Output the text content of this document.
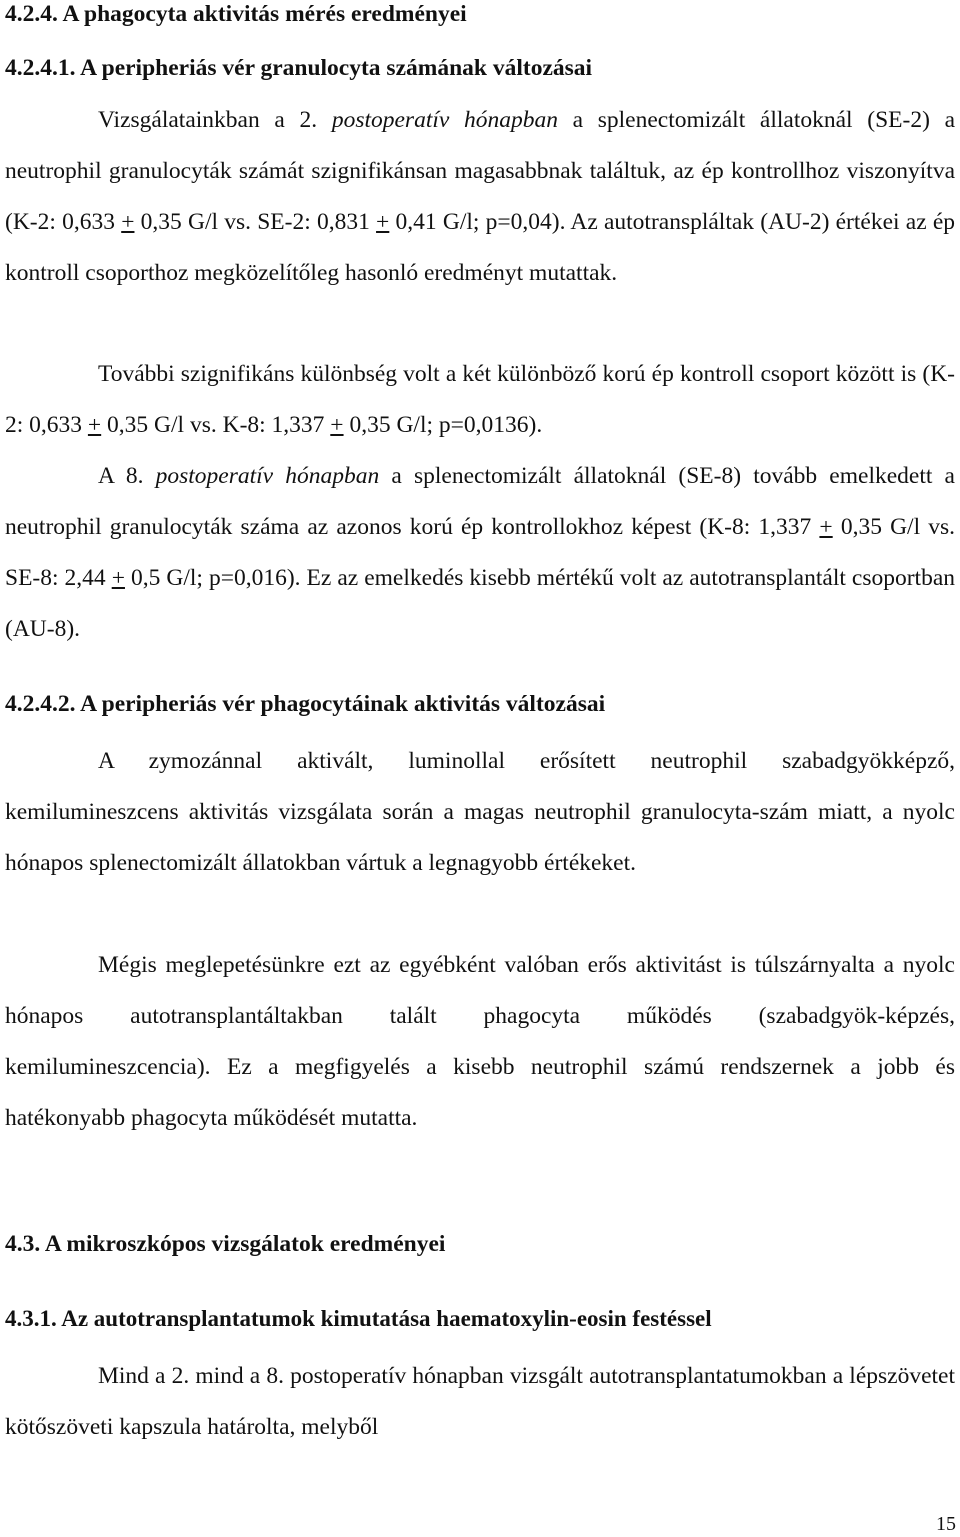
4.2.4. A phagocyta aktivitás mérés eredményei
4.2.4.1. A peripheriás vér granulocyta számának változásai

Vizsgálatainkban a 2. postoperatív hónapban a splenectomizált állatoknál (SE-2) a neutrophil granulocyták számát szignifikánsan magasabbnak találtuk, az ép kontrollhoz viszonyítva (K-2: 0,633 + 0,35 G/l vs. SE-2: 0,831 + 0,41 G/l; p=0,04). Az autotranspláltak (AU-2) értékei az ép kontroll csoporthoz megközelítőleg hasonló eredményt mutattak.

További szignifikáns különbség volt a két különböző korú ép kontroll csoport között is (K-2: 0,633 + 0,35 G/l vs. K-8: 1,337 + 0,35 G/l; p=0,0136).

A 8. postoperatív hónapban a splenectomizált állatoknál (SE-8) tovább emelkedett a neutrophil granulocyták száma az azonos korú ép kontrollokhoz képest (K-8: 1,337 + 0,35 G/l vs. SE-8: 2,44 + 0,5 G/l; p=0,016). Ez az emelkedés kisebb mértékű volt az autotransplantált csoportban (AU-8).

4.2.4.2. A peripheriás vér phagocytáinak aktivitás változásai

A zymozánnal aktivált, luminollal erősített neutrophil szabadgyökképző, kemilumineszcens aktivitás vizsgálata során a magas neutrophil granulocyta-szám miatt, a nyolc hónapos splenectomizált állatokban vártuk a legnagyobb értékeket.

Mégis meglepetésünkre ezt az egyébként valóban erős aktivitást is túlszárnyalta a nyolc hónapos autotransplantáltakban talált phagocyta működés (szabadgyök-képzés, kemilumineszcencia). Ez a megfigyelés a kisebb neutrophil számú rendszernek a jobb és hatékonyabb phagocyta működését mutatta.

4.3. A mikroszkópos vizsgálatok eredményei
4.3.1. Az autotransplantatumok kimutatása haematoxylin-eosin festéssel

Mind a 2. mind a 8. postoperatív hónapban vizsgált autotransplantatumokban a lépszövetet kötőszöveti kapszula határolta, melyből

15
